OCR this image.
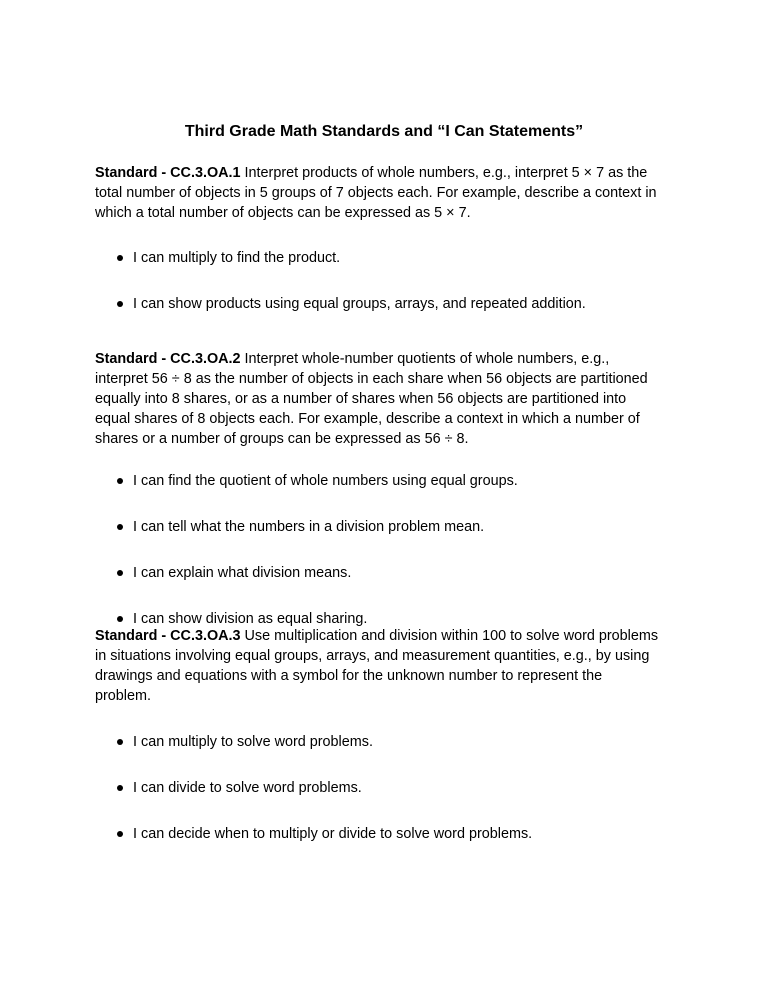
Third Grade Math Standards and “I Can Statements”

Standard - CC.3.OA.1 Interpret products of whole numbers, e.g., interpret 5 × 7 as the total number of objects in 5 groups of 7 objects each. For example, describe a context in which a total number of objects can be expressed as 5 × 7.

I can multiply to find the product.
I can show products using equal groups, arrays, and repeated addition.

Standard - CC.3.OA.2 Interpret whole-number quotients of whole numbers, e.g., interpret 56 ÷ 8 as the number of objects in each share when 56 objects are partitioned equally into 8 shares, or as a number of shares when 56 objects are partitioned into equal shares of 8 objects each. For example, describe a context in which a number of shares or a number of groups can be expressed as 56 ÷ 8.

I can find the quotient of whole numbers using equal groups.
I can tell what the numbers in a division problem mean.
I can explain what division means.
I can show division as equal sharing.

Standard - CC.3.OA.3 Use multiplication and division within 100 to solve word problems in situations involving equal groups, arrays, and measurement quantities, e.g., by using drawings and equations with a symbol for the unknown number to represent the problem.

I can multiply to solve word problems.
I can divide to solve word problems.
I can decide when to multiply or divide to solve word problems.
